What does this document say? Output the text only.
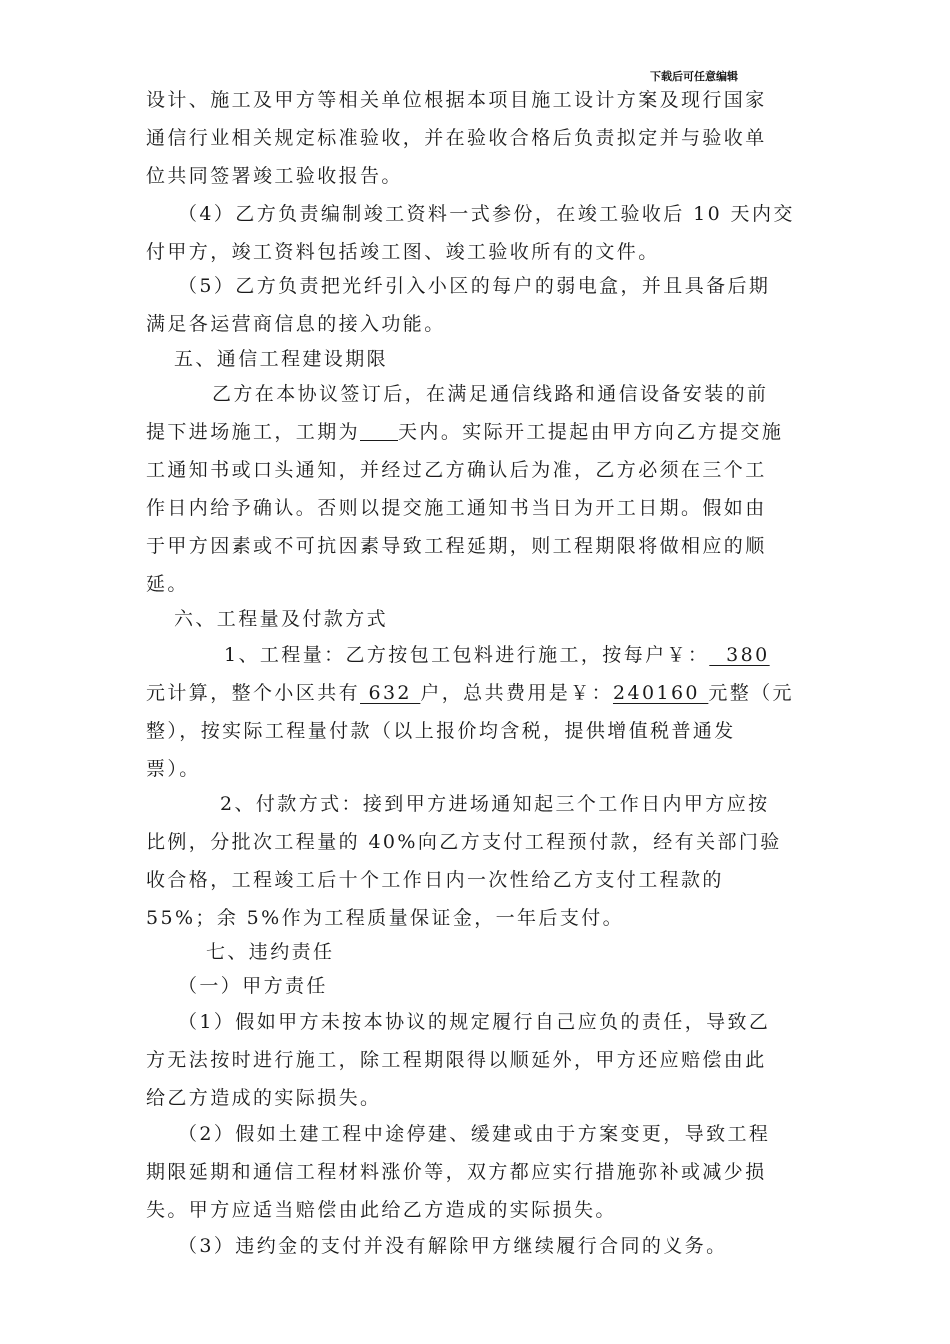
下载后可任意编辑
设计、施工及甲方等相关单位根据本项目施工设计方案及现行国家
通信行业相关规定标准验收，并在验收合格后负责拟定并与验收单
位共同签署竣工验收报告。
（4）乙方负责编制竣工资料一式参份，在竣工验收后 10 天内交
付甲方，竣工资料包括竣工图、竣工验收所有的文件。
（5）乙方负责把光纤引入小区的每户的弱电盒，并且具备后期
满足各运营商信息的接入功能。
五、通信工程建设期限
乙方在本协议签订后，在满足通信线路和通信设备安装的前
提下进场施工，工期为 天内。实际开工提起由甲方向乙方提交施
工通知书或口头通知，并经过乙方确认后为准，乙方必须在三个工
作日内给予确认。否则以提交施工通知书当日为开工日期。假如由
于甲方因素或不可抗因素导致工程延期，则工程期限将做相应的顺
延。
六、工程量及付款方式
1、工程量：乙方按包工包料进行施工，按每户￥：  380
元计算，整个小区共有 632 户，总共费用是￥：240160 元整（元
整），按实际工程量付款（以上报价均含税，提供增值税普通发
票）。
2、付款方式：接到甲方进场通知起三个工作日内甲方应按
比例，分批次工程量的 40%向乙方支付工程预付款，经有关部门验
收合格，工程竣工后十个工作日内一次性给乙方支付工程款的
55%；余 5%作为工程质量保证金，一年后支付。
七、违约责任
（一）甲方责任
（1）假如甲方未按本协议的规定履行自己应负的责任，导致乙
方无法按时进行施工，除工程期限得以顺延外，甲方还应赔偿由此
给乙方造成的实际损失。
（2）假如土建工程中途停建、缓建或由于方案变更，导致工程
期限延期和通信工程材料涨价等，双方都应实行措施弥补或减少损
失。甲方应适当赔偿由此给乙方造成的实际损失。
（3）违约金的支付并没有解除甲方继续履行合同的义务。
